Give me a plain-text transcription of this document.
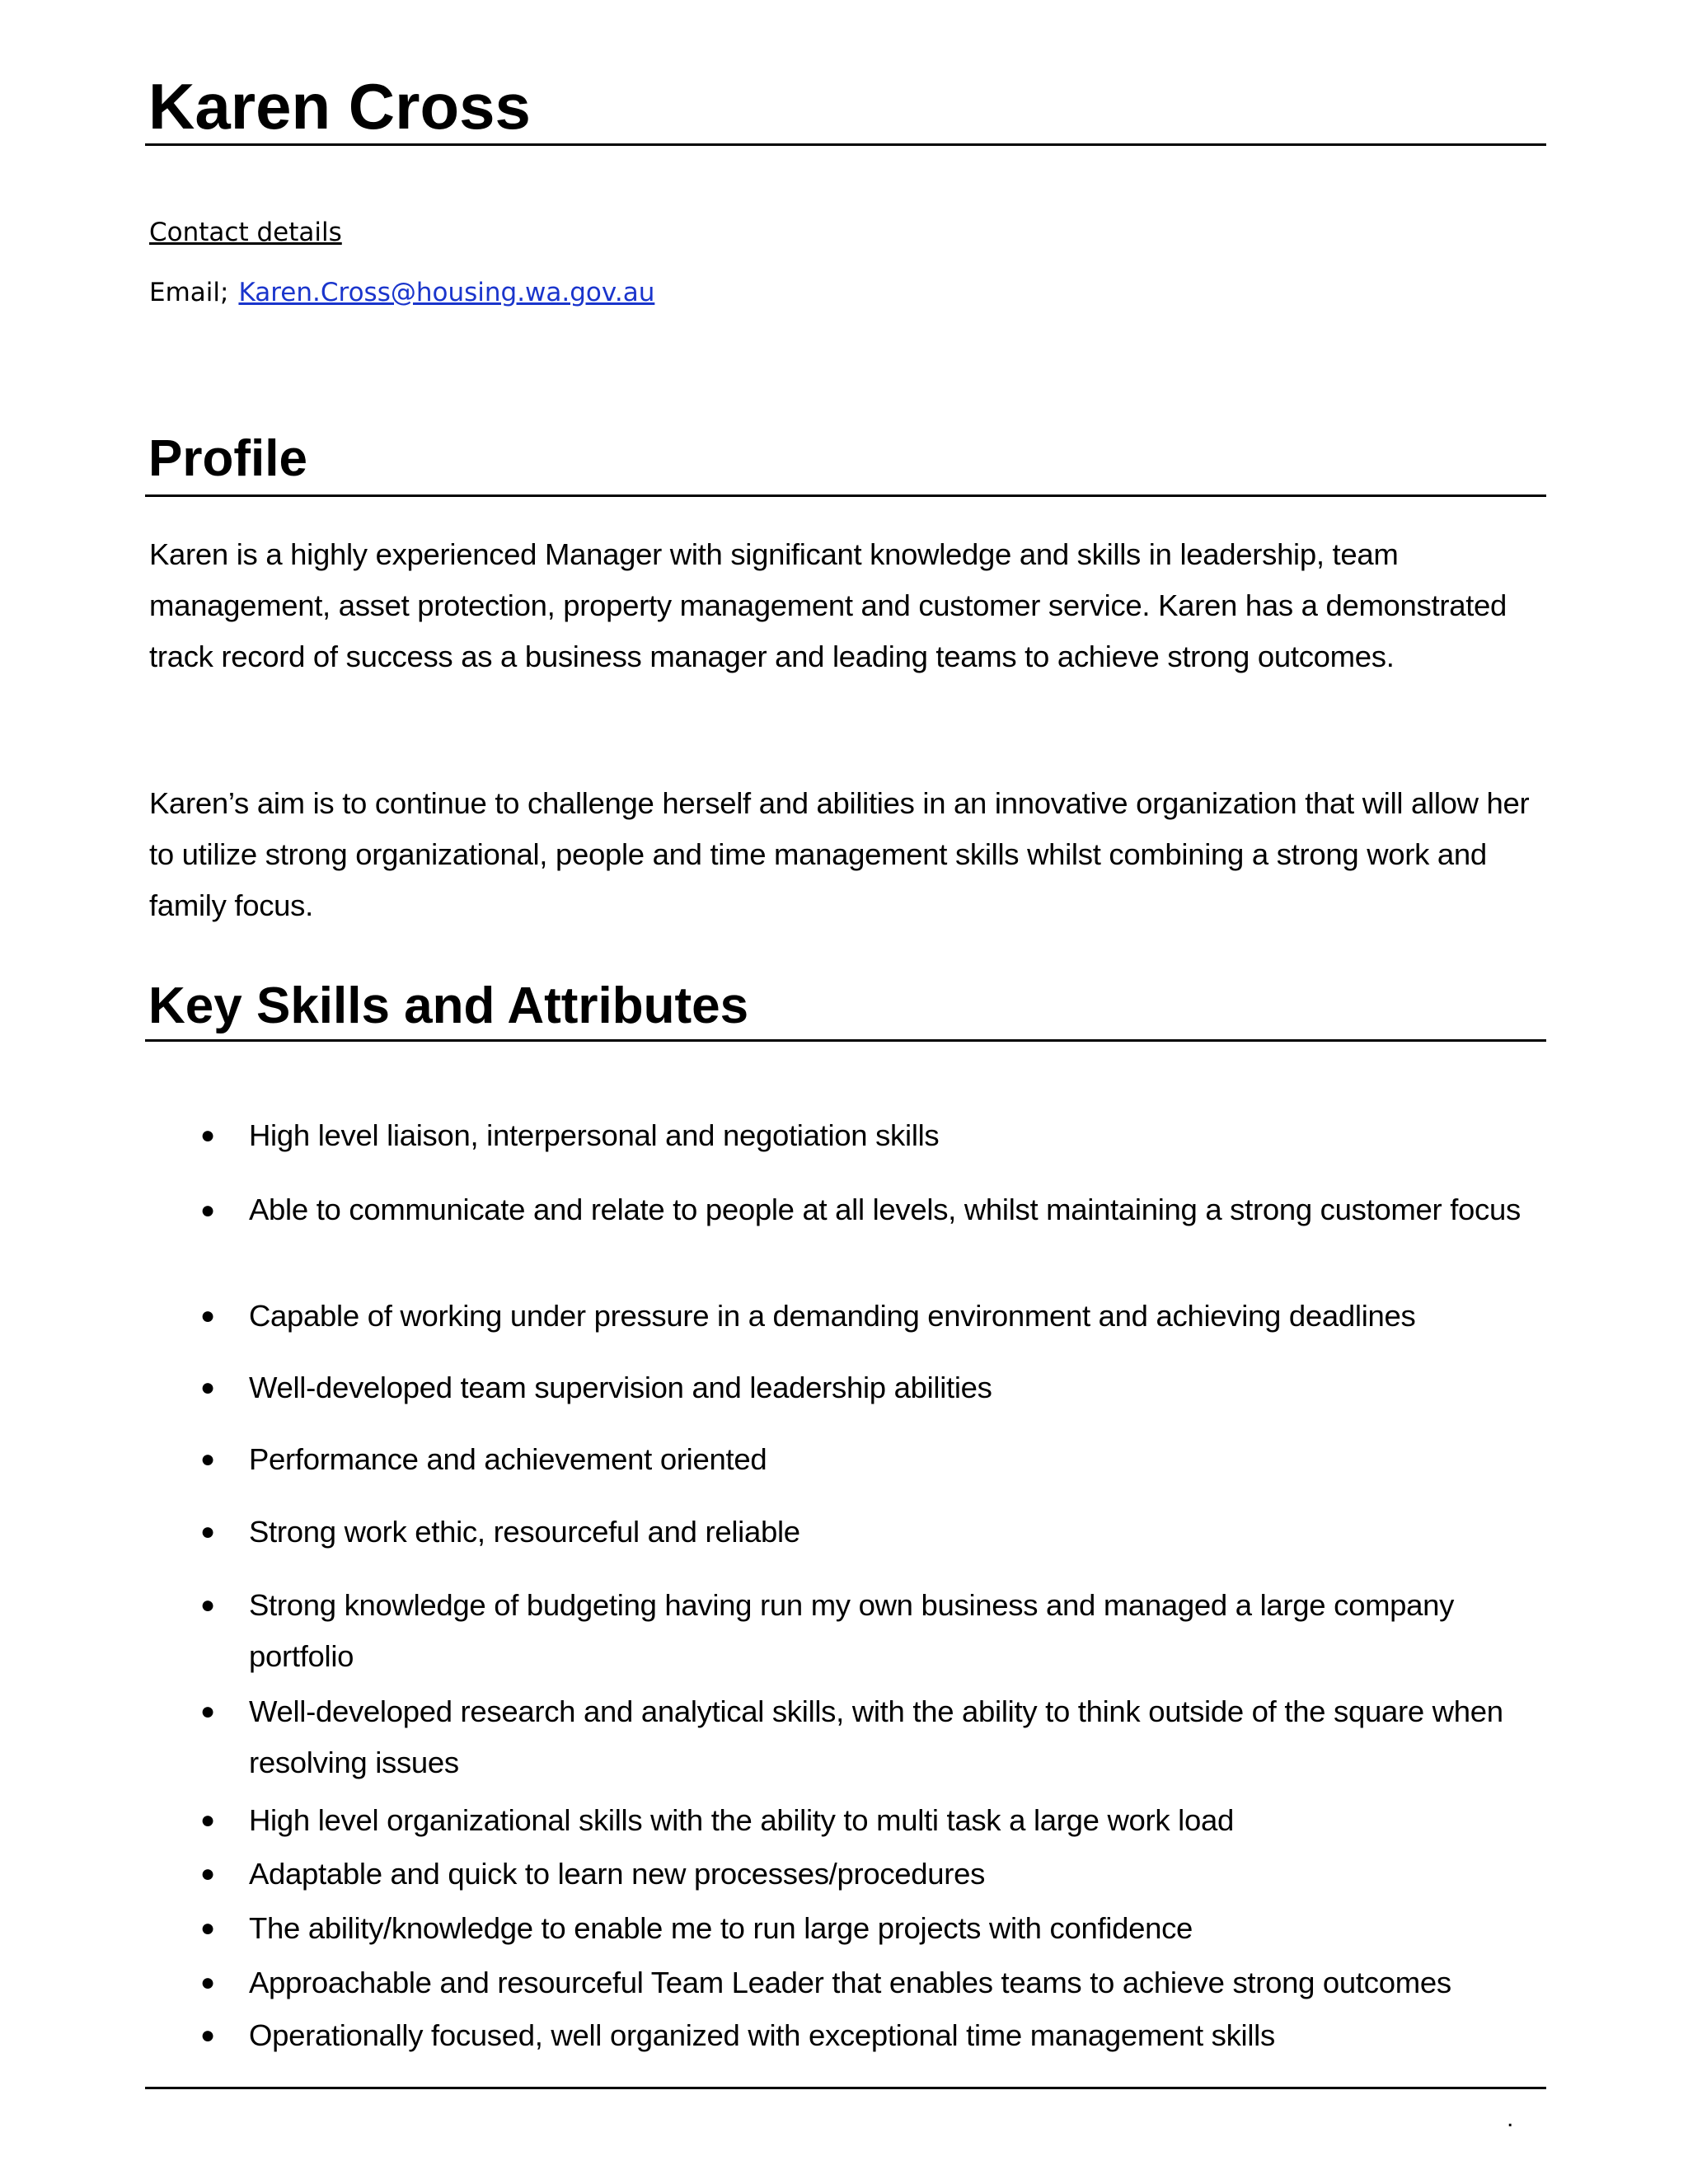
Karen Cross
Contact details
Email; Karen.Cross@housing.wa.gov.au
Profile

Karen is a highly experienced Manager with significant knowledge and skills in leadership, team management, asset protection, property management and customer service. Karen has a demonstrated track record of success as a business manager and leading teams to achieve strong outcomes.

Karen’s aim is to continue to challenge herself and abilities in an innovative organization that will allow her to utilize strong organizational, people and time management skills whilst combining a strong work and family focus.

Key Skills and Attributes
● High level liaison, interpersonal and negotiation skills
● Able to communicate and relate to people at all levels, whilst maintaining a strong customer focus
● Capable of working under pressure in a demanding environment and achieving deadlines
● Well-developed team supervision and leadership abilities
● Performance and achievement oriented
● Strong work ethic, resourceful and reliable
● Strong knowledge of budgeting having run my own business and managed a large company portfolio
● Well-developed research and analytical skills, with the ability to think outside of the square when resolving issues
● High level organizational skills with the ability to multi task a large work load
● Adaptable and quick to learn new processes/procedures
● The ability/knowledge to enable me to run large projects with confidence
● Approachable and resourceful Team Leader that enables teams to achieve strong outcomes
● Operationally focused, well organized with exceptional time management skills
.
